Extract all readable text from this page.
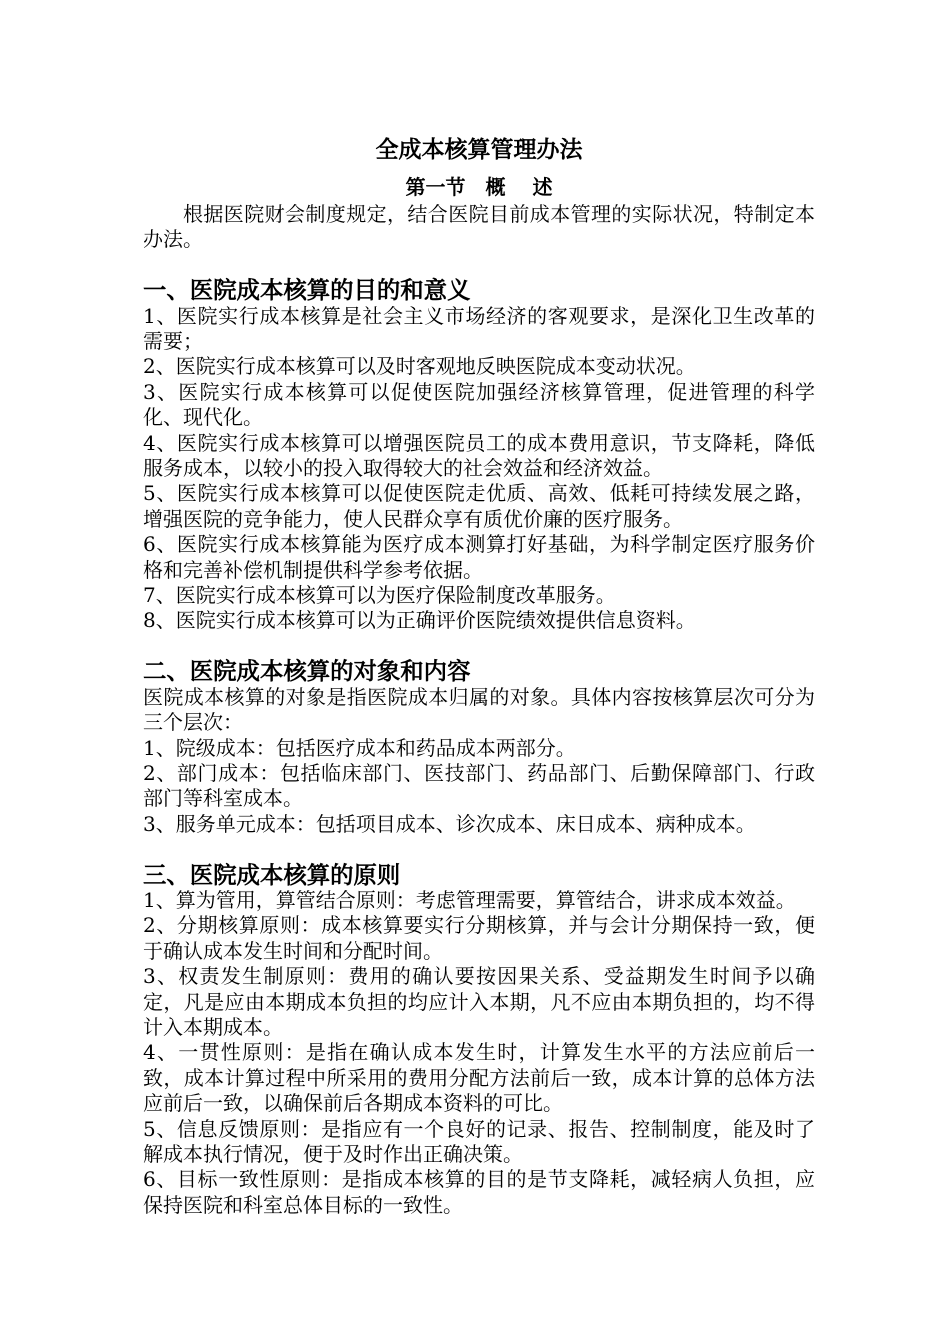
全成本核算管理办法
第一节　概　 述

根据医院财会制度规定，结合医院目前成本管理的实际状况，特制定本办法。

一、医院成本核算的目的和意义

1、医院实行成本核算是社会主义市场经济的客观要求，是深化卫生改革的需要；

2、医院实行成本核算可以及时客观地反映医院成本变动状况。

3、医院实行成本核算可以促使医院加强经济核算管理，促进管理的科学化、现代化。

4、医院实行成本核算可以增强医院员工的成本费用意识，节支降耗，降低服务成本，以较小的投入取得较大的社会效益和经济效益。

5、医院实行成本核算可以促使医院走优质、高效、低耗可持续发展之路，增强医院的竞争能力，使人民群众享有质优价廉的医疗服务。

6、医院实行成本核算能为医疗成本测算打好基础，为科学制定医疗服务价格和完善补偿机制提供科学参考依据。

7、医院实行成本核算可以为医疗保险制度改革服务。

8、医院实行成本核算可以为正确评价医院绩效提供信息资料。

二、医院成本核算的对象和内容

医院成本核算的对象是指医院成本归属的对象。具体内容按核算层次可分为三个层次：

1、院级成本：包括医疗成本和药品成本两部分。

2、部门成本：包括临床部门、医技部门、药品部门、后勤保障部门、行政部门等科室成本。

3、服务单元成本：包括项目成本、诊次成本、床日成本、病种成本。

三、医院成本核算的原则

1、算为管用，算管结合原则：考虑管理需要，算管结合，讲求成本效益。

2、分期核算原则：成本核算要实行分期核算，并与会计分期保持一致，便于确认成本发生时间和分配时间。

3、权责发生制原则：费用的确认要按因果关系、受益期发生时间予以确定，凡是应由本期成本负担的均应计入本期，凡不应由本期负担的，均不得计入本期成本。

4、一贯性原则：是指在确认成本发生时，计算发生水平的方法应前后一致，成本计算过程中所采用的费用分配方法前后一致，成本计算的总体方法应前后一致，以确保前后各期成本资料的可比。

5、信息反馈原则：是指应有一个良好的记录、报告、控制制度，能及时了解成本执行情况，便于及时作出正确决策。

6、目标一致性原则：是指成本核算的目的是节支降耗，减轻病人负担，应保持医院和科室总体目标的一致性。
